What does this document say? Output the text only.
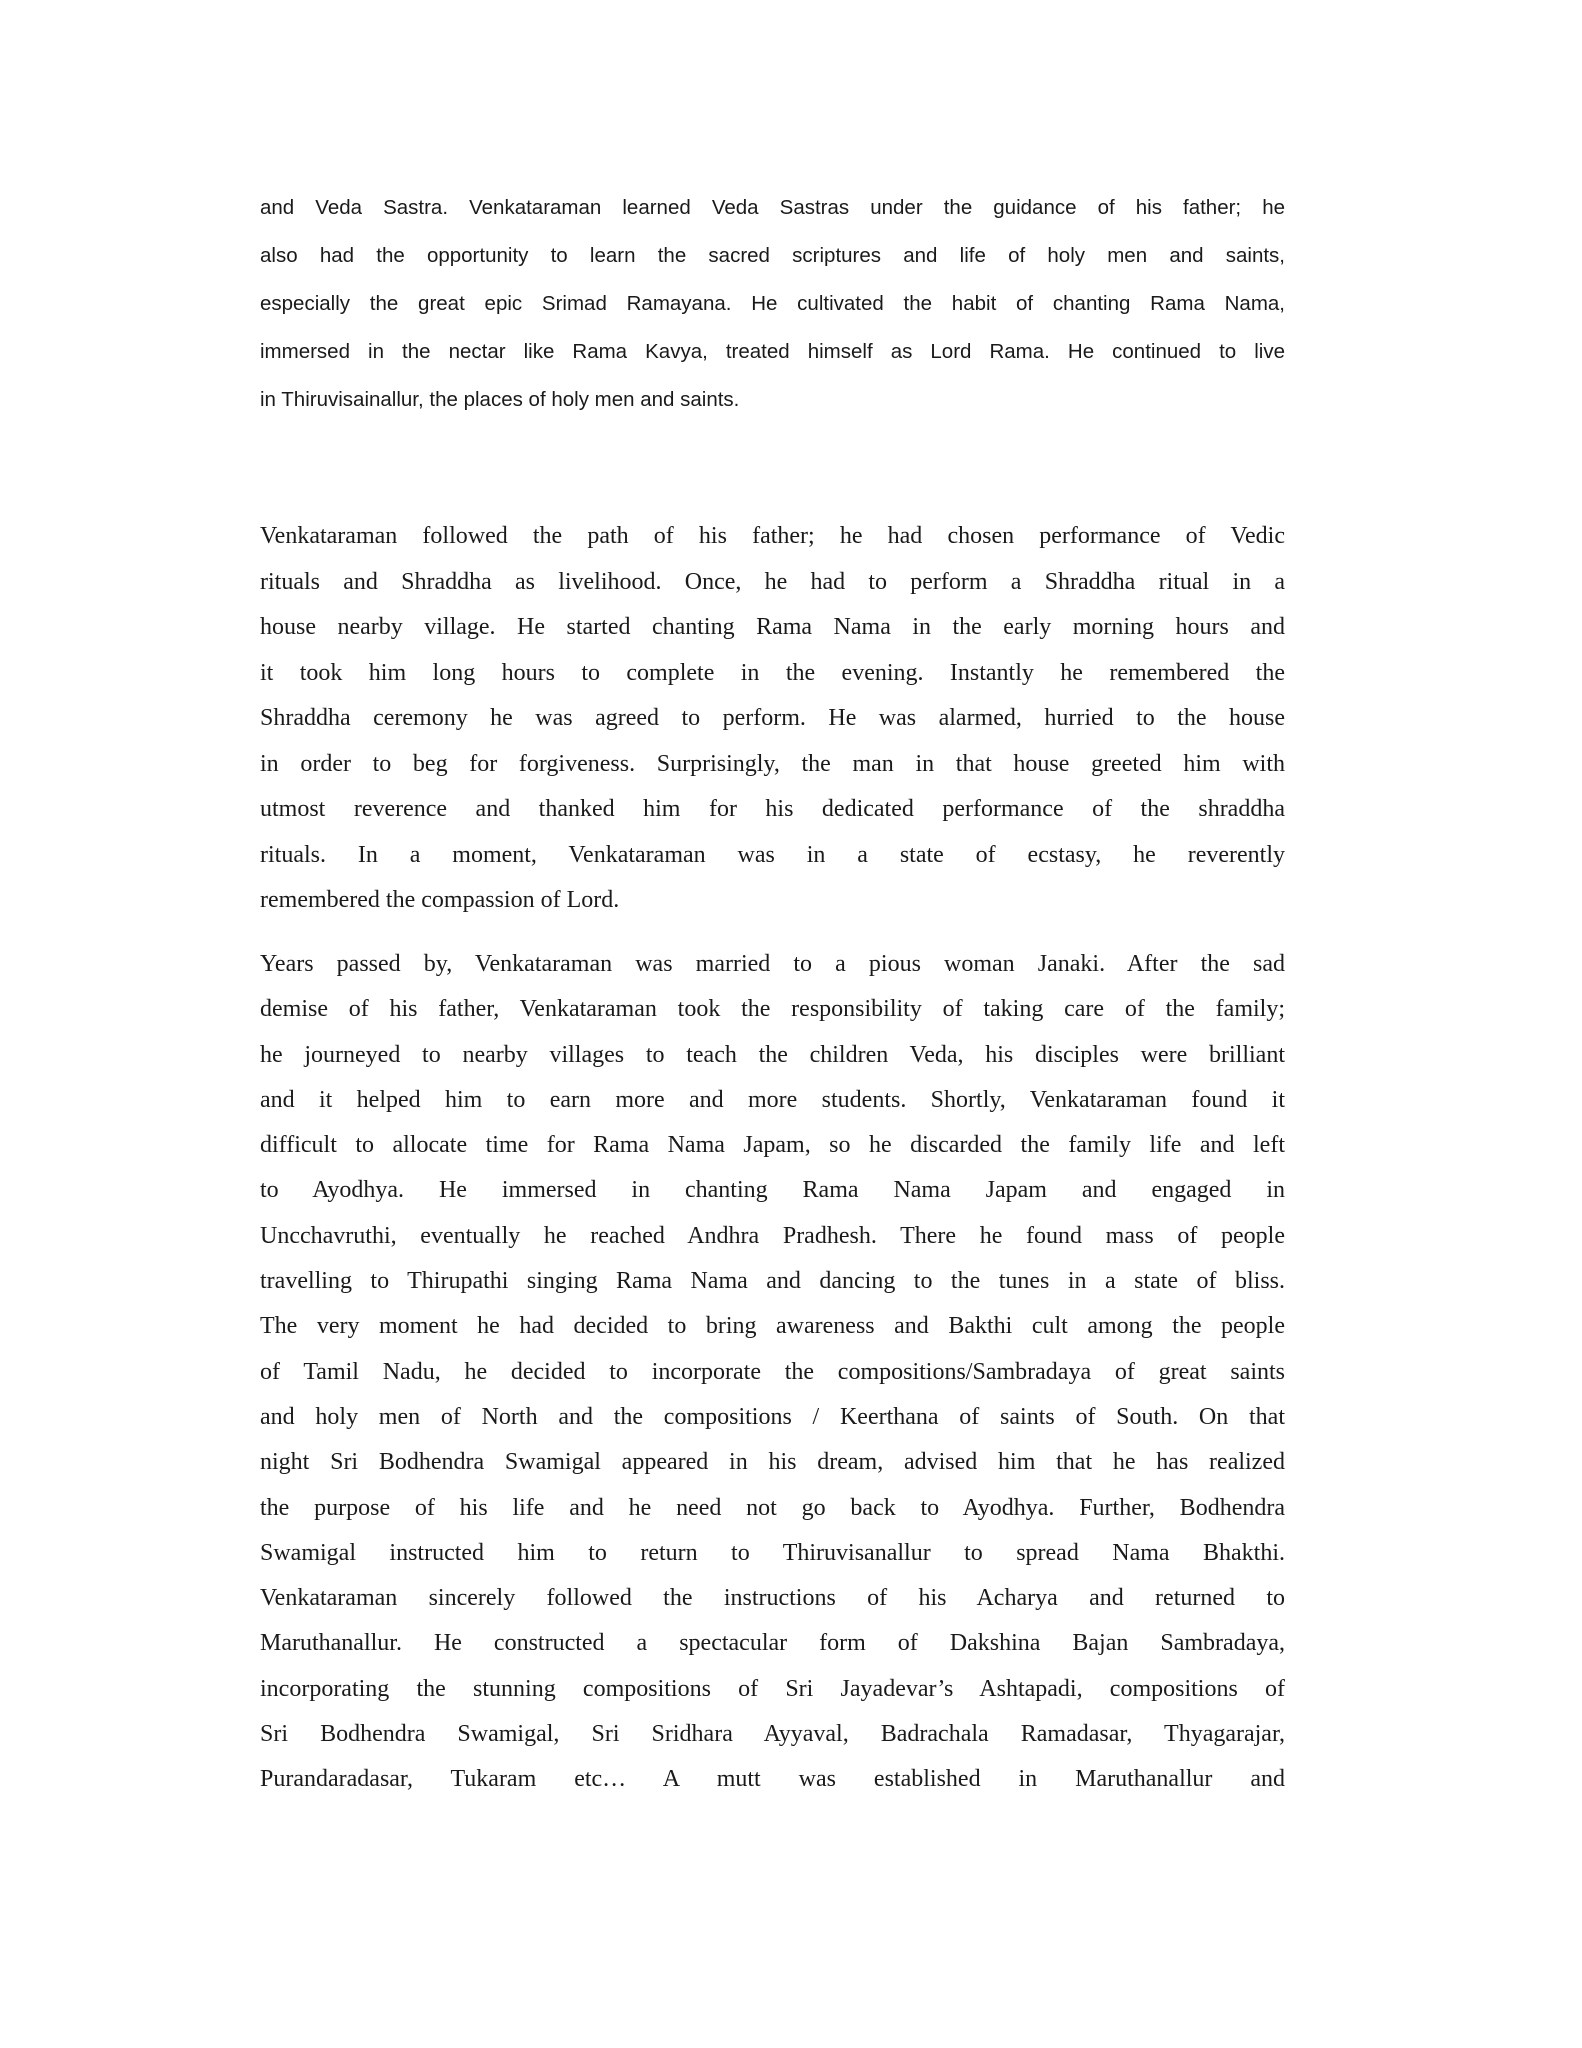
and Veda Sastra. Venkataraman learned Veda Sastras under the guidance of his father; he
also had the opportunity to learn the sacred scriptures and life of holy men and saints,
especially the great epic Srimad Ramayana. He cultivated the habit of chanting Rama Nama,
immersed in the nectar like Rama Kavya, treated himself as Lord Rama. He continued to live
in Thiruvisainallur, the places of holy men and saints.
Venkataraman followed the path of his father; he had chosen performance of Vedic
rituals and Shraddha as livelihood. Once, he had to perform a Shraddha ritual in a
house nearby village. He started chanting Rama Nama in the early morning hours and
it took him long hours to complete in the evening. Instantly he remembered the
Shraddha ceremony he was agreed to perform. He was alarmed, hurried to the house
in order to beg for forgiveness. Surprisingly, the man in that house greeted him with
utmost reverence and thanked him for his dedicated performance of the shraddha
rituals. In a moment, Venkataraman was in a state of ecstasy, he reverently
remembered the compassion of Lord.
Years passed by, Venkataraman was married to a pious woman Janaki. After the sad
demise of his father, Venkataraman took the responsibility of taking care of the family;
he journeyed to nearby villages to teach the children Veda, his disciples were brilliant
and it helped him to earn more and more students. Shortly, Venkataraman found it
difficult to allocate time for Rama Nama Japam, so he discarded the family life and left
to Ayodhya. He immersed in chanting Rama Nama Japam and engaged in
Uncchavruthi, eventually he reached Andhra Pradhesh. There he found mass of people
travelling to Thirupathi singing Rama Nama and dancing to the tunes in a state of bliss.
The very moment he had decided to bring awareness and Bakthi cult among the people
of Tamil Nadu, he decided to incorporate the compositions/Sambradaya of great saints
and holy men of North and the compositions / Keerthana of saints of South. On that
night Sri Bodhendra Swamigal appeared in his dream, advised him that he has realized
the purpose of his life and he need not go back to Ayodhya. Further, Bodhendra
Swamigal instructed him to return to Thiruvisanallur to spread Nama Bhakthi.
Venkataraman sincerely followed the instructions of his Acharya and returned to
Maruthanallur. He constructed a spectacular form of Dakshina Bajan Sambradaya,
incorporating the stunning compositions of Sri Jayadevar’s Ashtapadi, compositions of
Sri Bodhendra Swamigal, Sri Sridhara Ayyaval, Badrachala Ramadasar, Thyagarajar,
Purandaradasar, Tukaram etc… A mutt was established in Maruthanallur and
